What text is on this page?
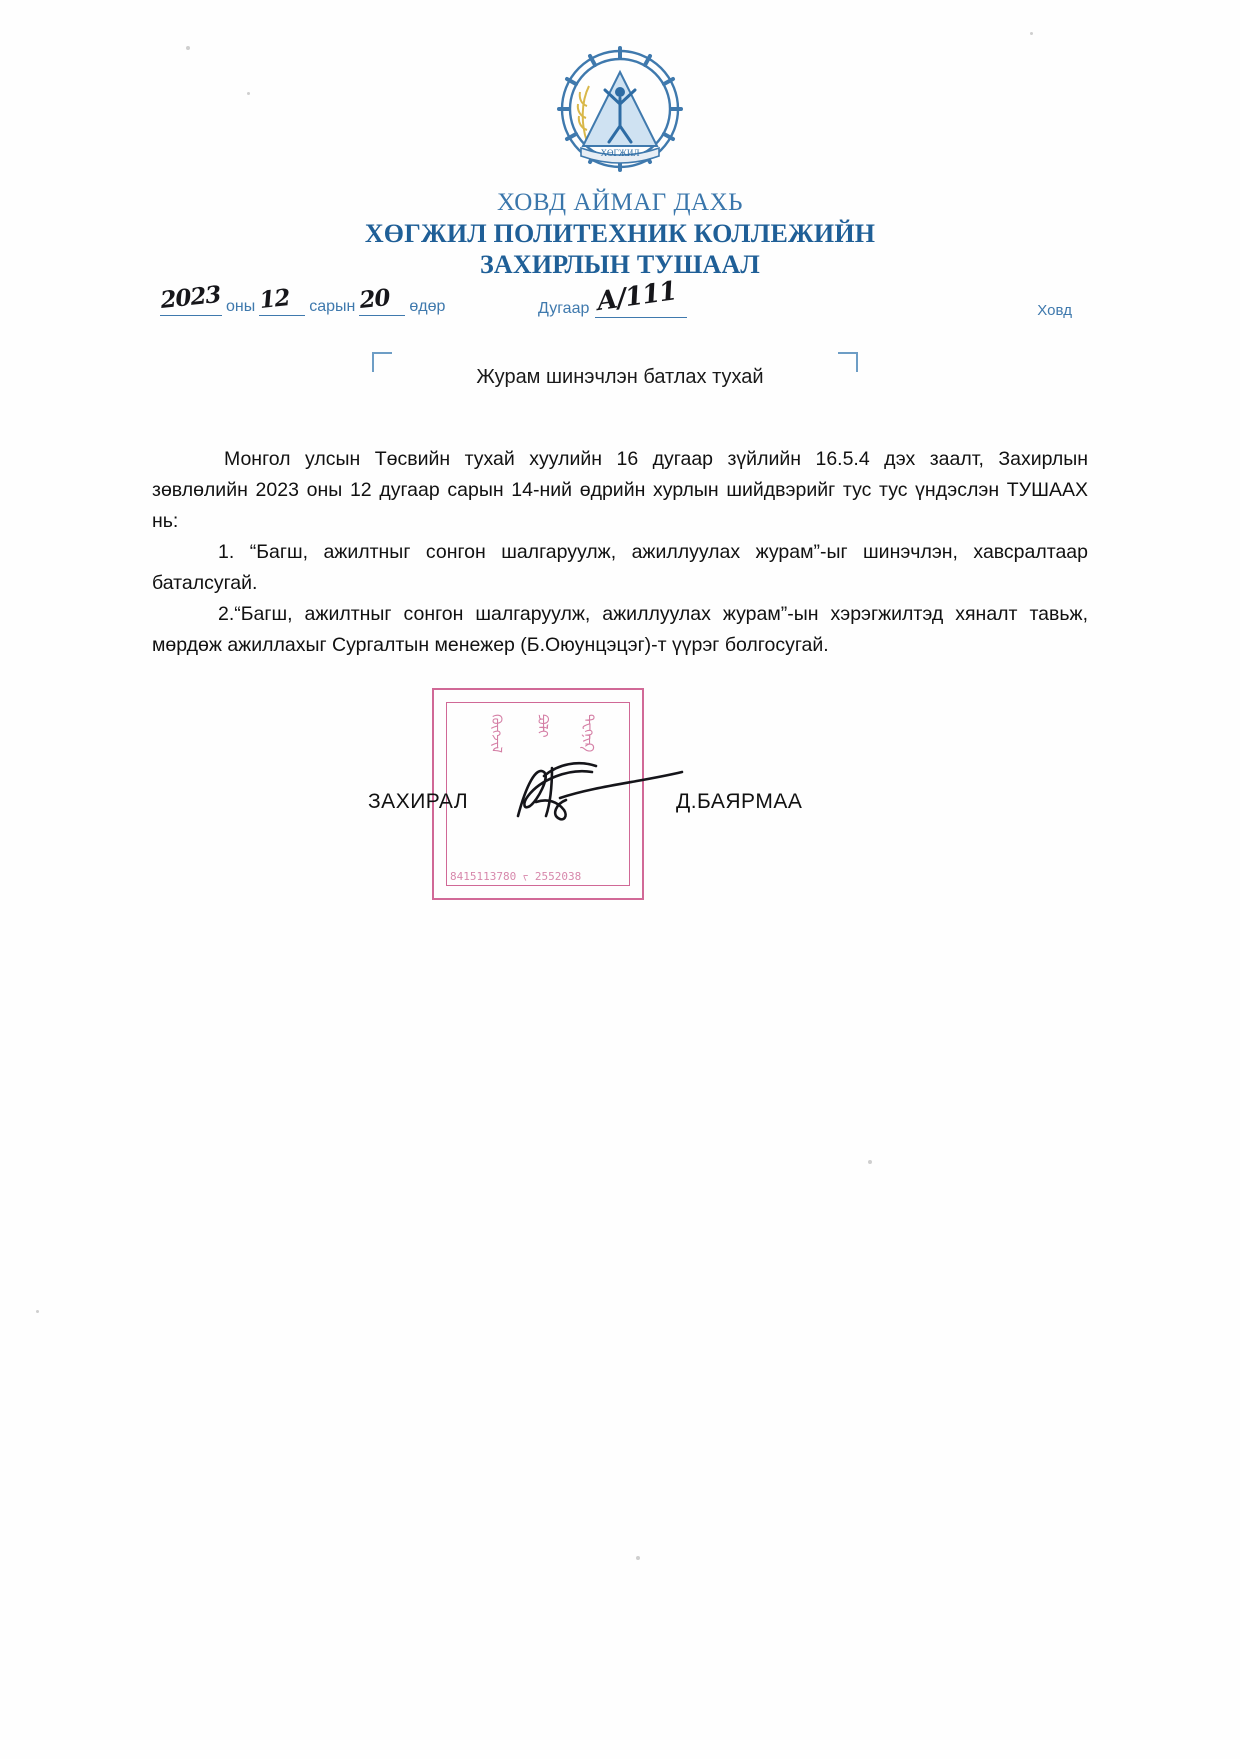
ХӨГЖИЛ
ХОВД АЙМАГ ДАХЬ
ХӨГЖИЛ ПОЛИТЕХНИК КОЛЛЕЖИЙН
ЗАХИРЛЫН ТУШААЛ
2023 оны 12 сарын 20 өдөр	Дугаар А/111	Ховд
Журам шинэчлэн батлах тухай

Монгол улсын Төсвийн тухай хуулийн 16 дугаар зүйлийн 16.5.4 дэх заалт, Захирлын зөвлөлийн 2023 оны 12 дугаар сарын 14-ний өдрийн хурлын шийдвэрийг тус тус үндэслэн ТУШААХ нь:

1. “Багш, ажилтныг сонгон шалгаруулж, ажиллуулах журам”-ыг шинэчлэн, хавсралтаар баталсугай.

2.“Багш, ажилтныг сонгон шалгаруулж, ажиллуулах журам”-ын хэрэгжилтэд хяналт тавьж, мөрдөж ажиллахыг Сургалтын менежер (Б.Оюунцэцэг)-т үүрэг болгосугай.

ᠬᠥᠭᠵᠢᠯ	ᠫᠣᠯᠢ	ᠲᠧᠬᠨᠢᠺ
8415113780 ᠵ 2552038
ЗАХИРАЛ	Д.БАЯРМАА
